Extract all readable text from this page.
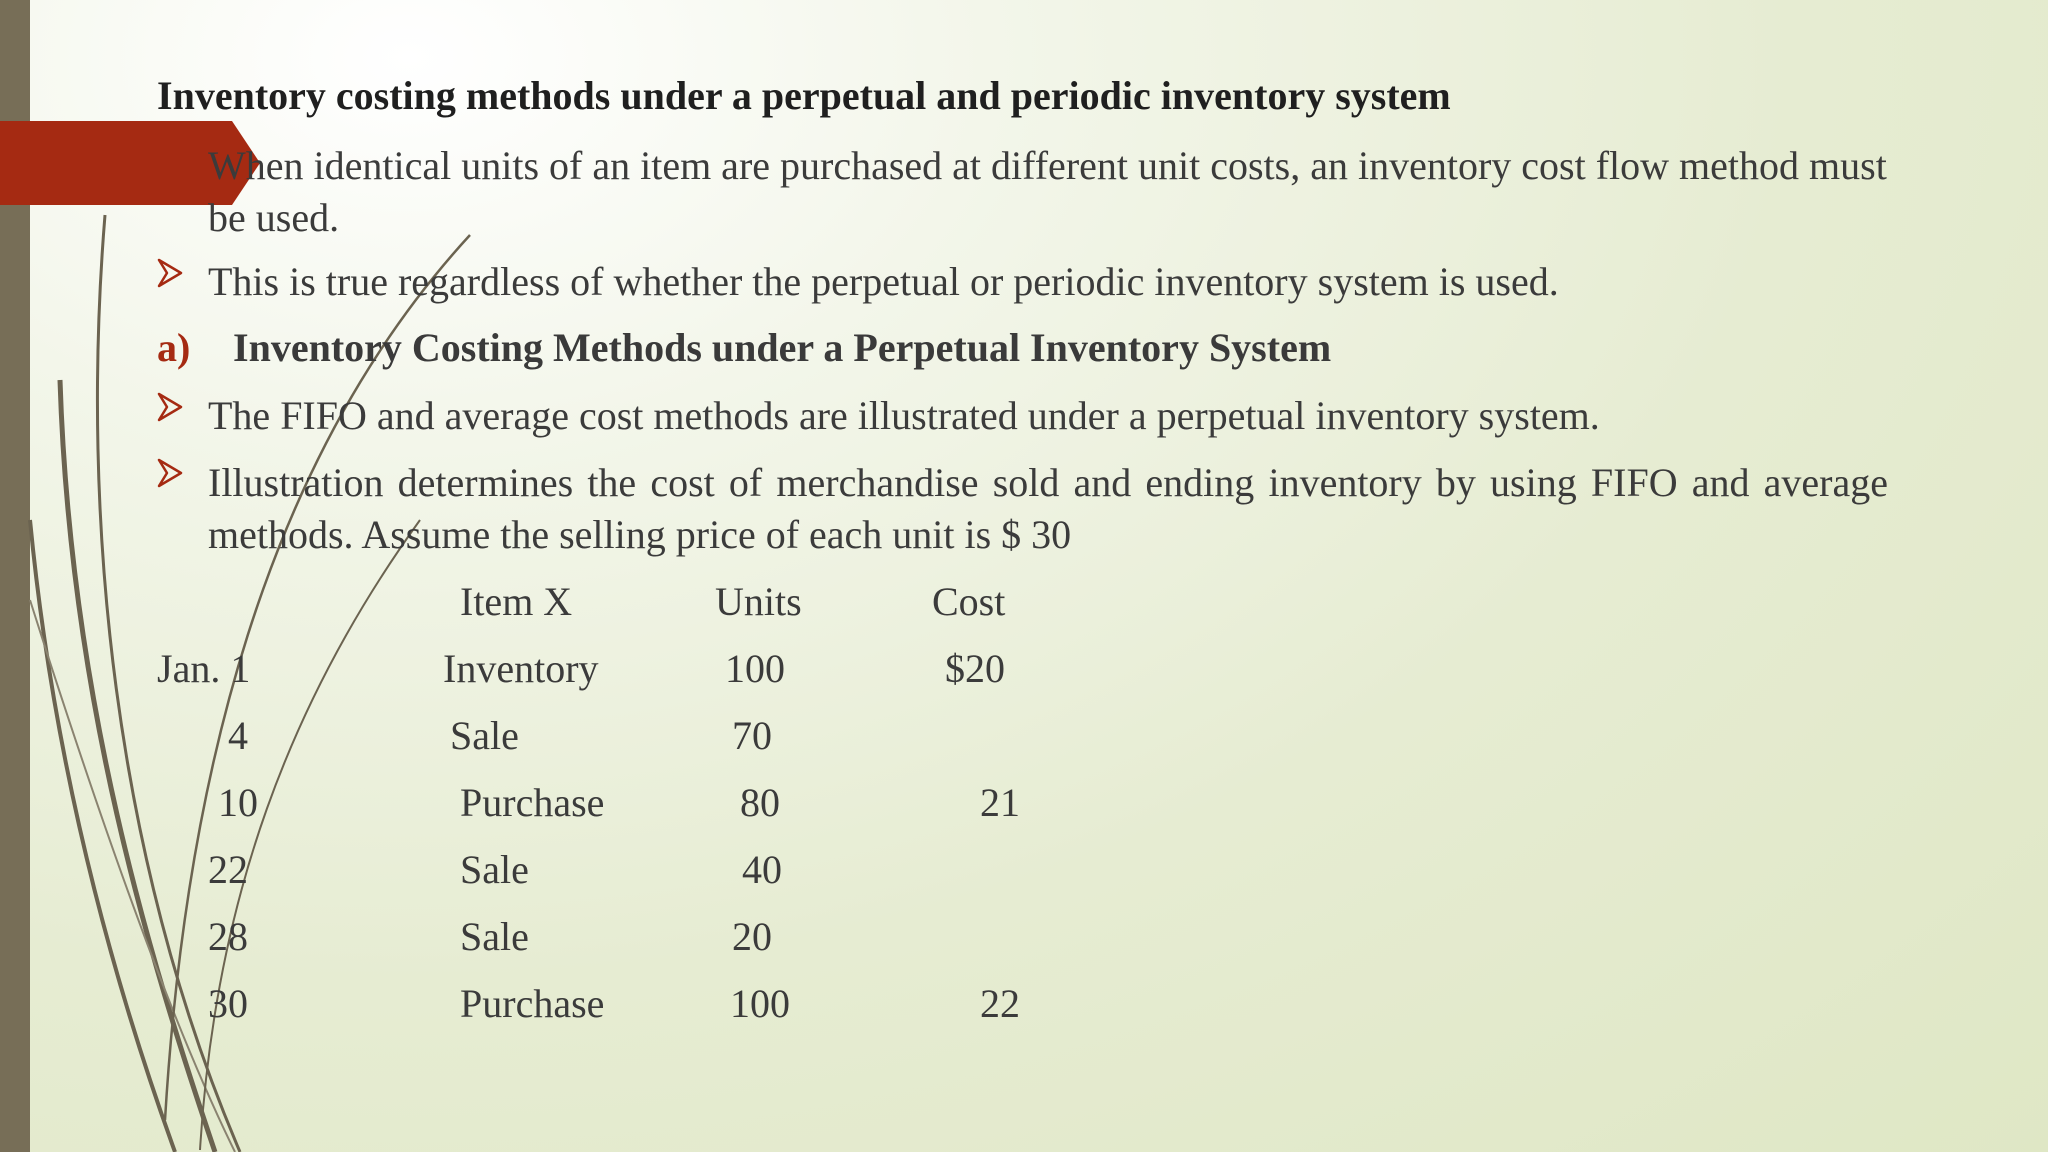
Inventory costing methods under a perpetual and periodic inventory system
When identical units of an item are purchased at different unit costs, an inventory cost flow method must be used.
This is true regardless of whether the perpetual or periodic inventory system is used.
a) Inventory Costing Methods under a Perpetual Inventory System
The FIFO and average cost methods are illustrated under a perpetual inventory system.
Illustration determines the cost of merchandise sold and ending inventory by using FIFO and average methods. Assume the selling price of each unit is $ 30
Item X	Units	Cost
Jan. 1	Inventory	100	$20
4	Sale	70
10	Purchase	80	21
22	Sale	40
28	Sale	20
30	Purchase	100	22
